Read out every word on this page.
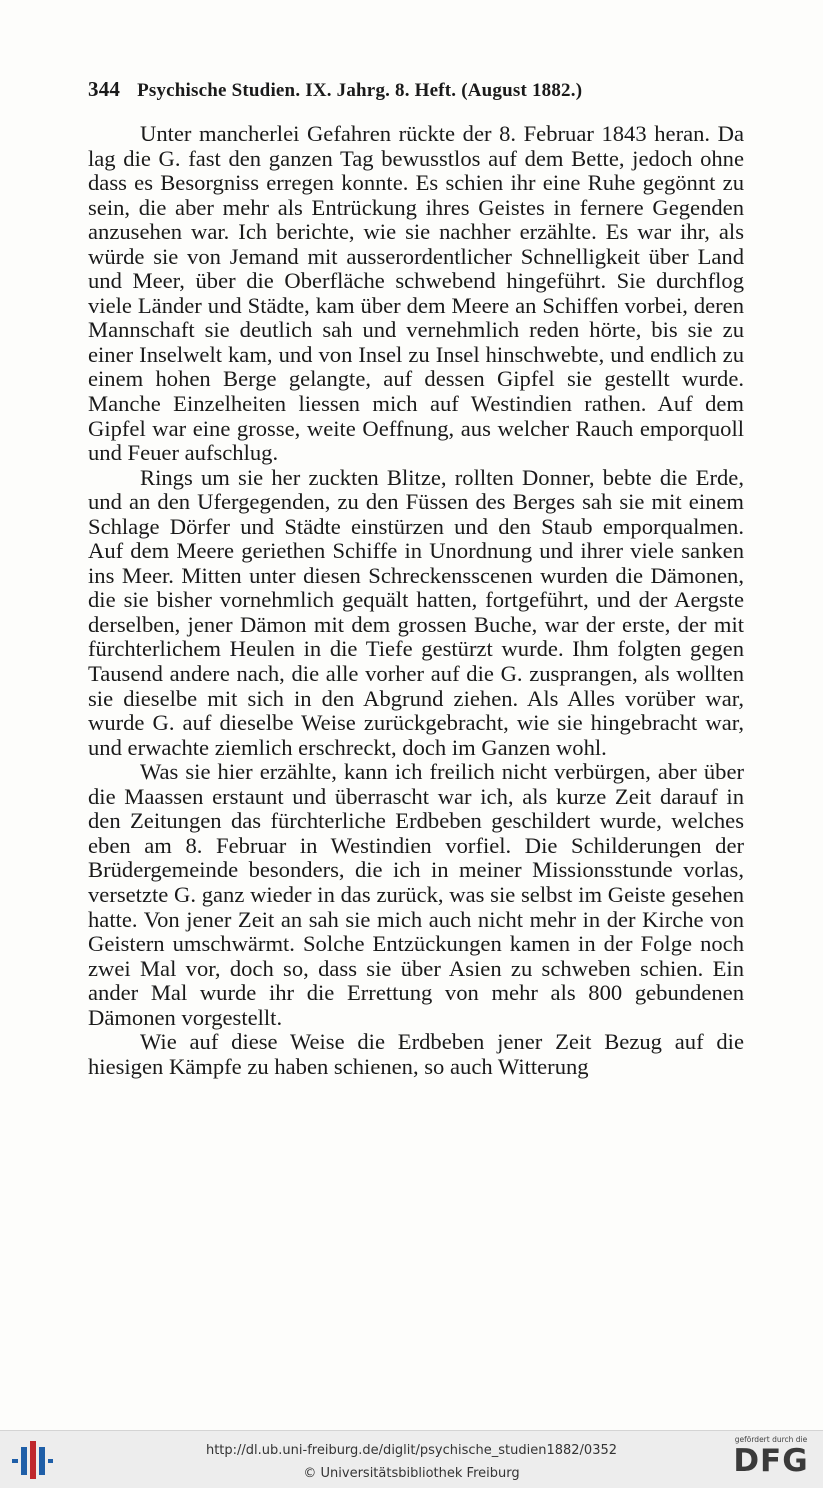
344 Psychische Studien. IX. Jahrg. 8. Heft. (August 1882.)

Unter mancherlei Gefahren rückte der 8. Februar 1843 heran. Da lag die G. fast den ganzen Tag bewusstlos auf dem Bette, jedoch ohne dass es Besorgniss erregen konnte. Es schien ihr eine Ruhe gegönnt zu sein, die aber mehr als Entrückung ihres Geistes in fernere Gegenden anzusehen war. Ich berichte, wie sie nachher erzählte. Es war ihr, als würde sie von Jemand mit ausserordentlicher Schnelligkeit über Land und Meer, über die Oberfläche schwebend hingeführt. Sie durchflog viele Länder und Städte, kam über dem Meere an Schiffen vorbei, deren Mannschaft sie deutlich sah und vernehmlich reden hörte, bis sie zu einer Inselwelt kam, und von Insel zu Insel hinschwebte, und endlich zu einem hohen Berge gelangte, auf dessen Gipfel sie gestellt wurde. Manche Einzelheiten liessen mich auf Westindien rathen. Auf dem Gipfel war eine grosse, weite Oeffnung, aus welcher Rauch emporquoll und Feuer aufschlug.

Rings um sie her zuckten Blitze, rollten Donner, bebte die Erde, und an den Ufergegenden, zu den Füssen des Berges sah sie mit einem Schlage Dörfer und Städte einstürzen und den Staub emporqualmen. Auf dem Meere geriethen Schiffe in Unordnung und ihrer viele sanken ins Meer. Mitten unter diesen Schreckensscenen wurden die Dämonen, die sie bisher vornehmlich gequält hatten, fortgeführt, und der Aergste derselben, jener Dämon mit dem grossen Buche, war der erste, der mit fürchterlichem Heulen in die Tiefe gestürzt wurde. Ihm folgten gegen Tausend andere nach, die alle vorher auf die G. zusprangen, als wollten sie dieselbe mit sich in den Abgrund ziehen. Als Alles vorüber war, wurde G. auf dieselbe Weise zurückgebracht, wie sie hingebracht war, und erwachte ziemlich erschreckt, doch im Ganzen wohl.

Was sie hier erzählte, kann ich freilich nicht verbürgen, aber über die Maassen erstaunt und überrascht war ich, als kurze Zeit darauf in den Zeitungen das fürchterliche Erdbeben geschildert wurde, welches eben am 8. Februar in Westindien vorfiel. Die Schilderungen der Brüdergemeinde besonders, die ich in meiner Missionsstunde vorlas, versetzte G. ganz wieder in das zurück, was sie selbst im Geiste gesehen hatte. Von jener Zeit an sah sie mich auch nicht mehr in der Kirche von Geistern umschwärmt. Solche Entzückungen kamen in der Folge noch zwei Mal vor, doch so, dass sie über Asien zu schweben schien. Ein ander Mal wurde ihr die Errettung von mehr als 800 gebundenen Dämonen vorgestellt.

Wie auf diese Weise die Erdbeben jener Zeit Bezug auf die hiesigen Kämpfe zu haben schienen, so auch Witterung

http://dl.ub.uni-freiburg.de/diglit/psychische_studien1882/0352
© Universitätsbibliothek Freiburg
gefördert durch die
DFG
